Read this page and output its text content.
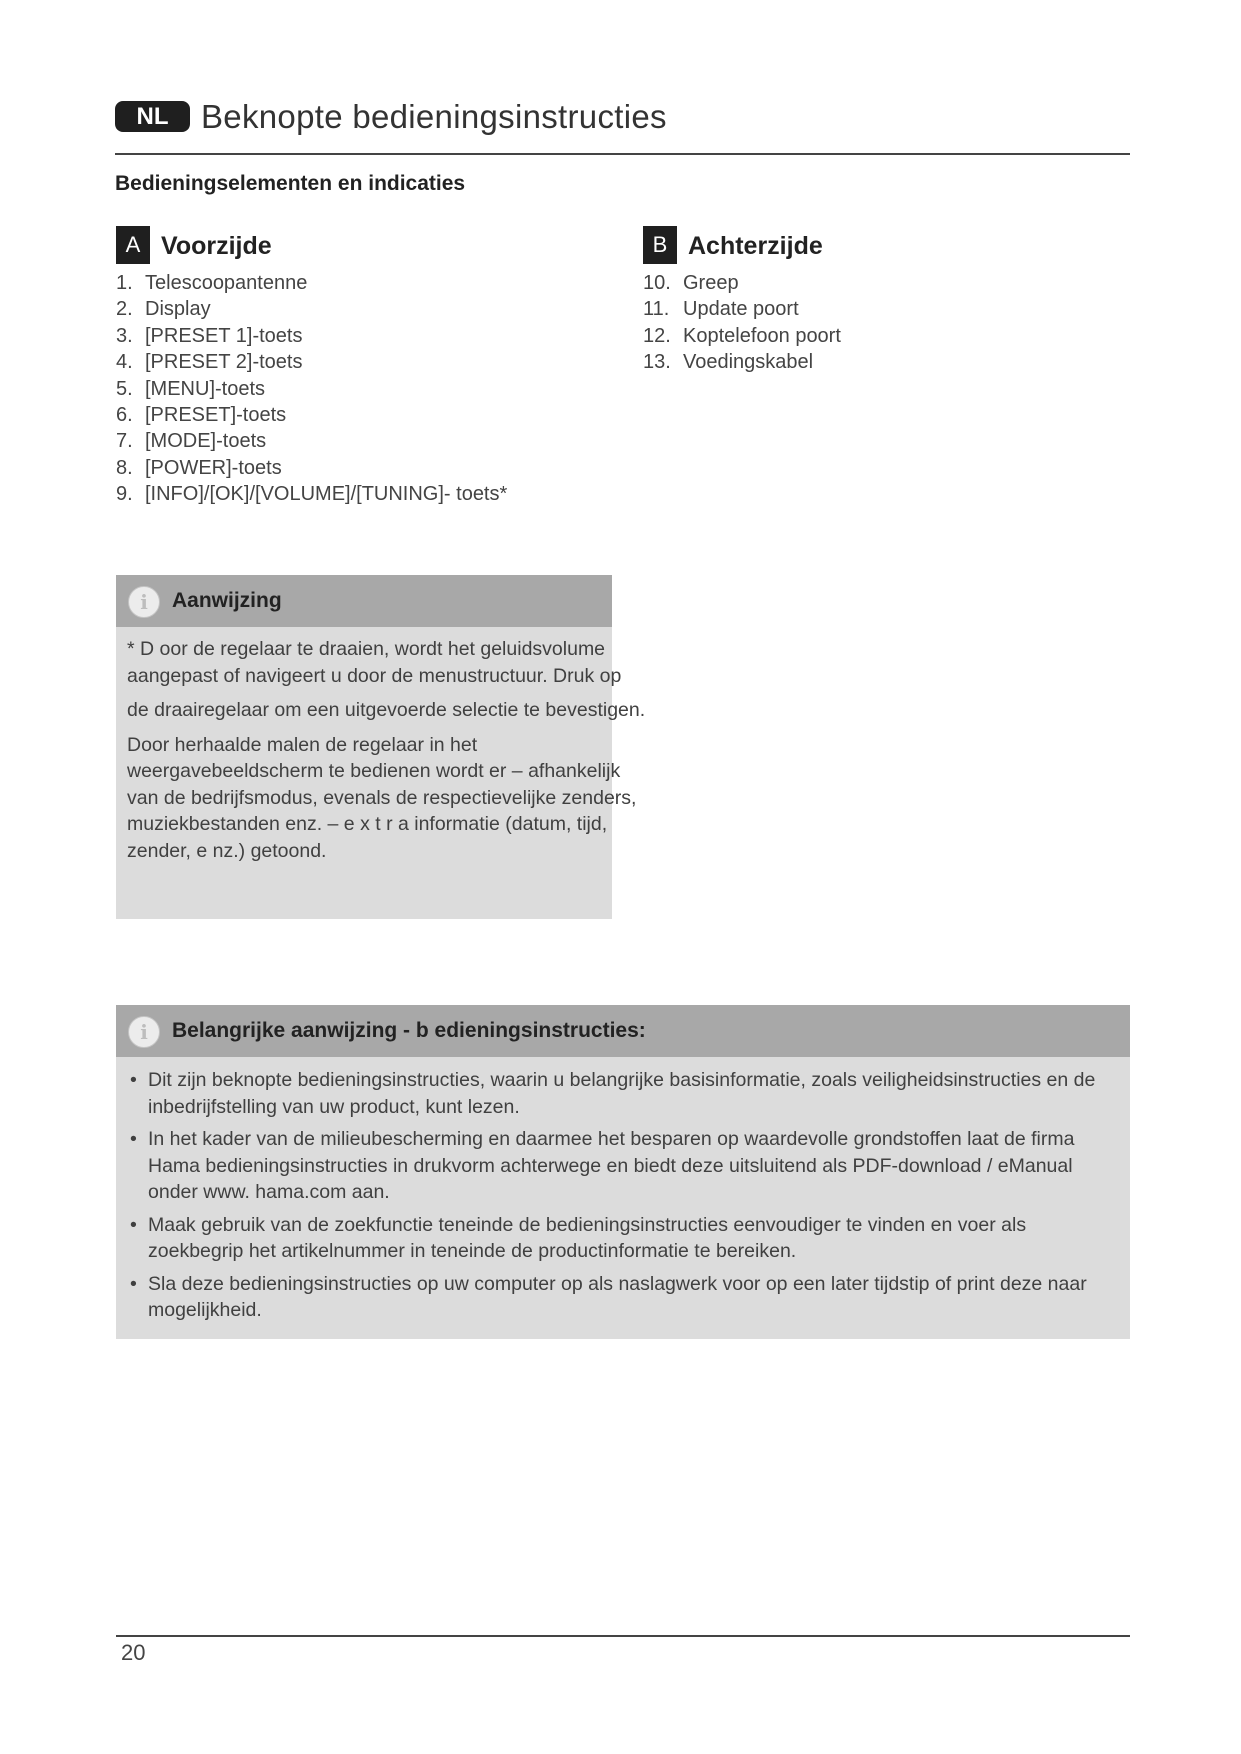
NL Beknopte bedieningsinstructies
Bedieningselementen en indicaties
A Voorzijde
1. Telescoopantenne
2. Display
3. [PRESET 1]-toets
4. [PRESET 2]-toets
5. [MENU]-toets
6. [PRESET]-toets
7. [MODE]-toets
8. [POWER]-toets
9. [INFO]/[OK]/[VOLUME]/[TUNING]- toets*
B Achterzijde
10. Greep
11. Update poort
12. Koptelefoon poort
13. Voedingskabel
i	Aanwijzing

* D oor de regelaar te draaien, wordt het geluidsvolume aangepast of navigeert u door de menustructuur. Druk op

de draairegelaar om een uitgevoerde selectie te bevestigen.

Door herhaalde malen de regelaar in het weergavebeeldscherm te bedienen wordt er – afhankelijk van de bedrijfsmodus, evenals de respectievelijke zenders, muziekbestanden enz. – e x t r a informatie (datum, tijd, zender, e nz.) getoond.

i	Belangrijke aanwijzing - b edieningsinstructies:
• Dit zijn beknopte bedieningsinstructies, waarin u belangrijke basisinformatie, zoals veiligheidsinstructies en de inbedrijfstelling van uw product, kunt lezen.
• In het kader van de milieubescherming en daarmee het besparen op waardevolle grondstoffen laat de firma Hama bedieningsinstructies in drukvorm achterwege en biedt deze uitsluitend als PDF-download / eManual onder www. hama.com aan.
• Maak gebruik van de zoekfunctie teneinde de bedieningsinstructies eenvoudiger te vinden en voer als zoekbegrip het artikelnummer in teneinde de productinformatie te bereiken.
• Sla deze bedieningsinstructies op uw computer op als naslagwerk voor op een later tijdstip of print deze naar mogelijkheid.
20
